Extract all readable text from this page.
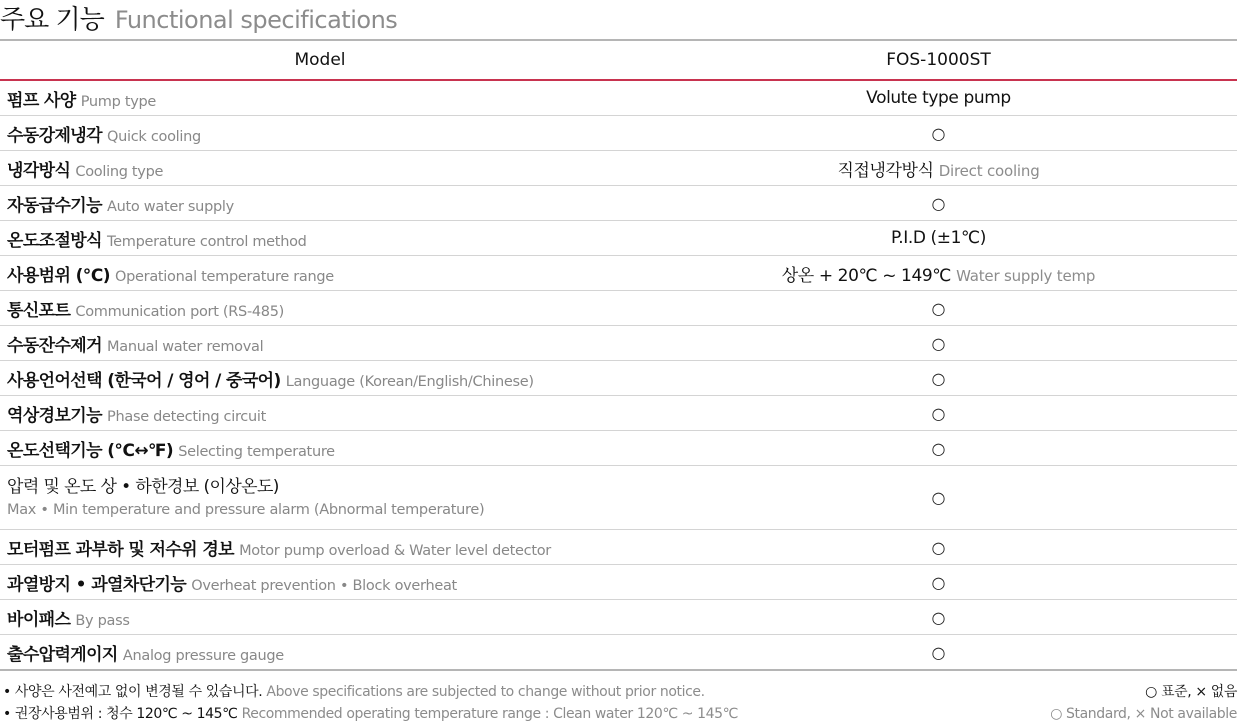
주요 기능 Functional specifications
Model	FOS-1000ST
펌프 사양 Pump type	Volute type pump
수동강제냉각 Quick cooling	○
냉각방식 Cooling type	직접냉각방식 Direct cooling
자동급수기능 Auto water supply	○
온도조절방식 Temperature control method	P.I.D (±1℃)
사용범위 (℃) Operational temperature range	상온 + 20℃ ~ 149℃ Water supply temp
통신포트 Communication port (RS-485)	○
수동잔수제거 Manual water removal	○
사용언어선택 (한국어 / 영어 / 중국어) Language (Korean/English/Chinese)	○
역상경보기능 Phase detecting circuit	○
온도선택기능 (℃↔℉) Selecting temperature	○

압력 및 온도 상 • 하한경보 (이상온도)
Max • Min temperature and pressure alarm (Abnormal temperature)	○
모터펌프 과부하 및 저수위 경보 Motor pump overload & Water level detector	○
과열방지 • 과열차단기능 Overheat prevention • Block overheat	○
바이패스 By pass	○
출수압력게이지 Analog pressure gauge	○
• 사양은 사전예고 없이 변경될 수 있습니다. Above specifications are subjected to change without prior notice.
• 권장사용범위 : 청수 120℃ ~ 145℃ Recommended operating temperature range : Clean water 120℃ ~ 145℃
○ 표준, × 없음
○ Standard, × Not available
